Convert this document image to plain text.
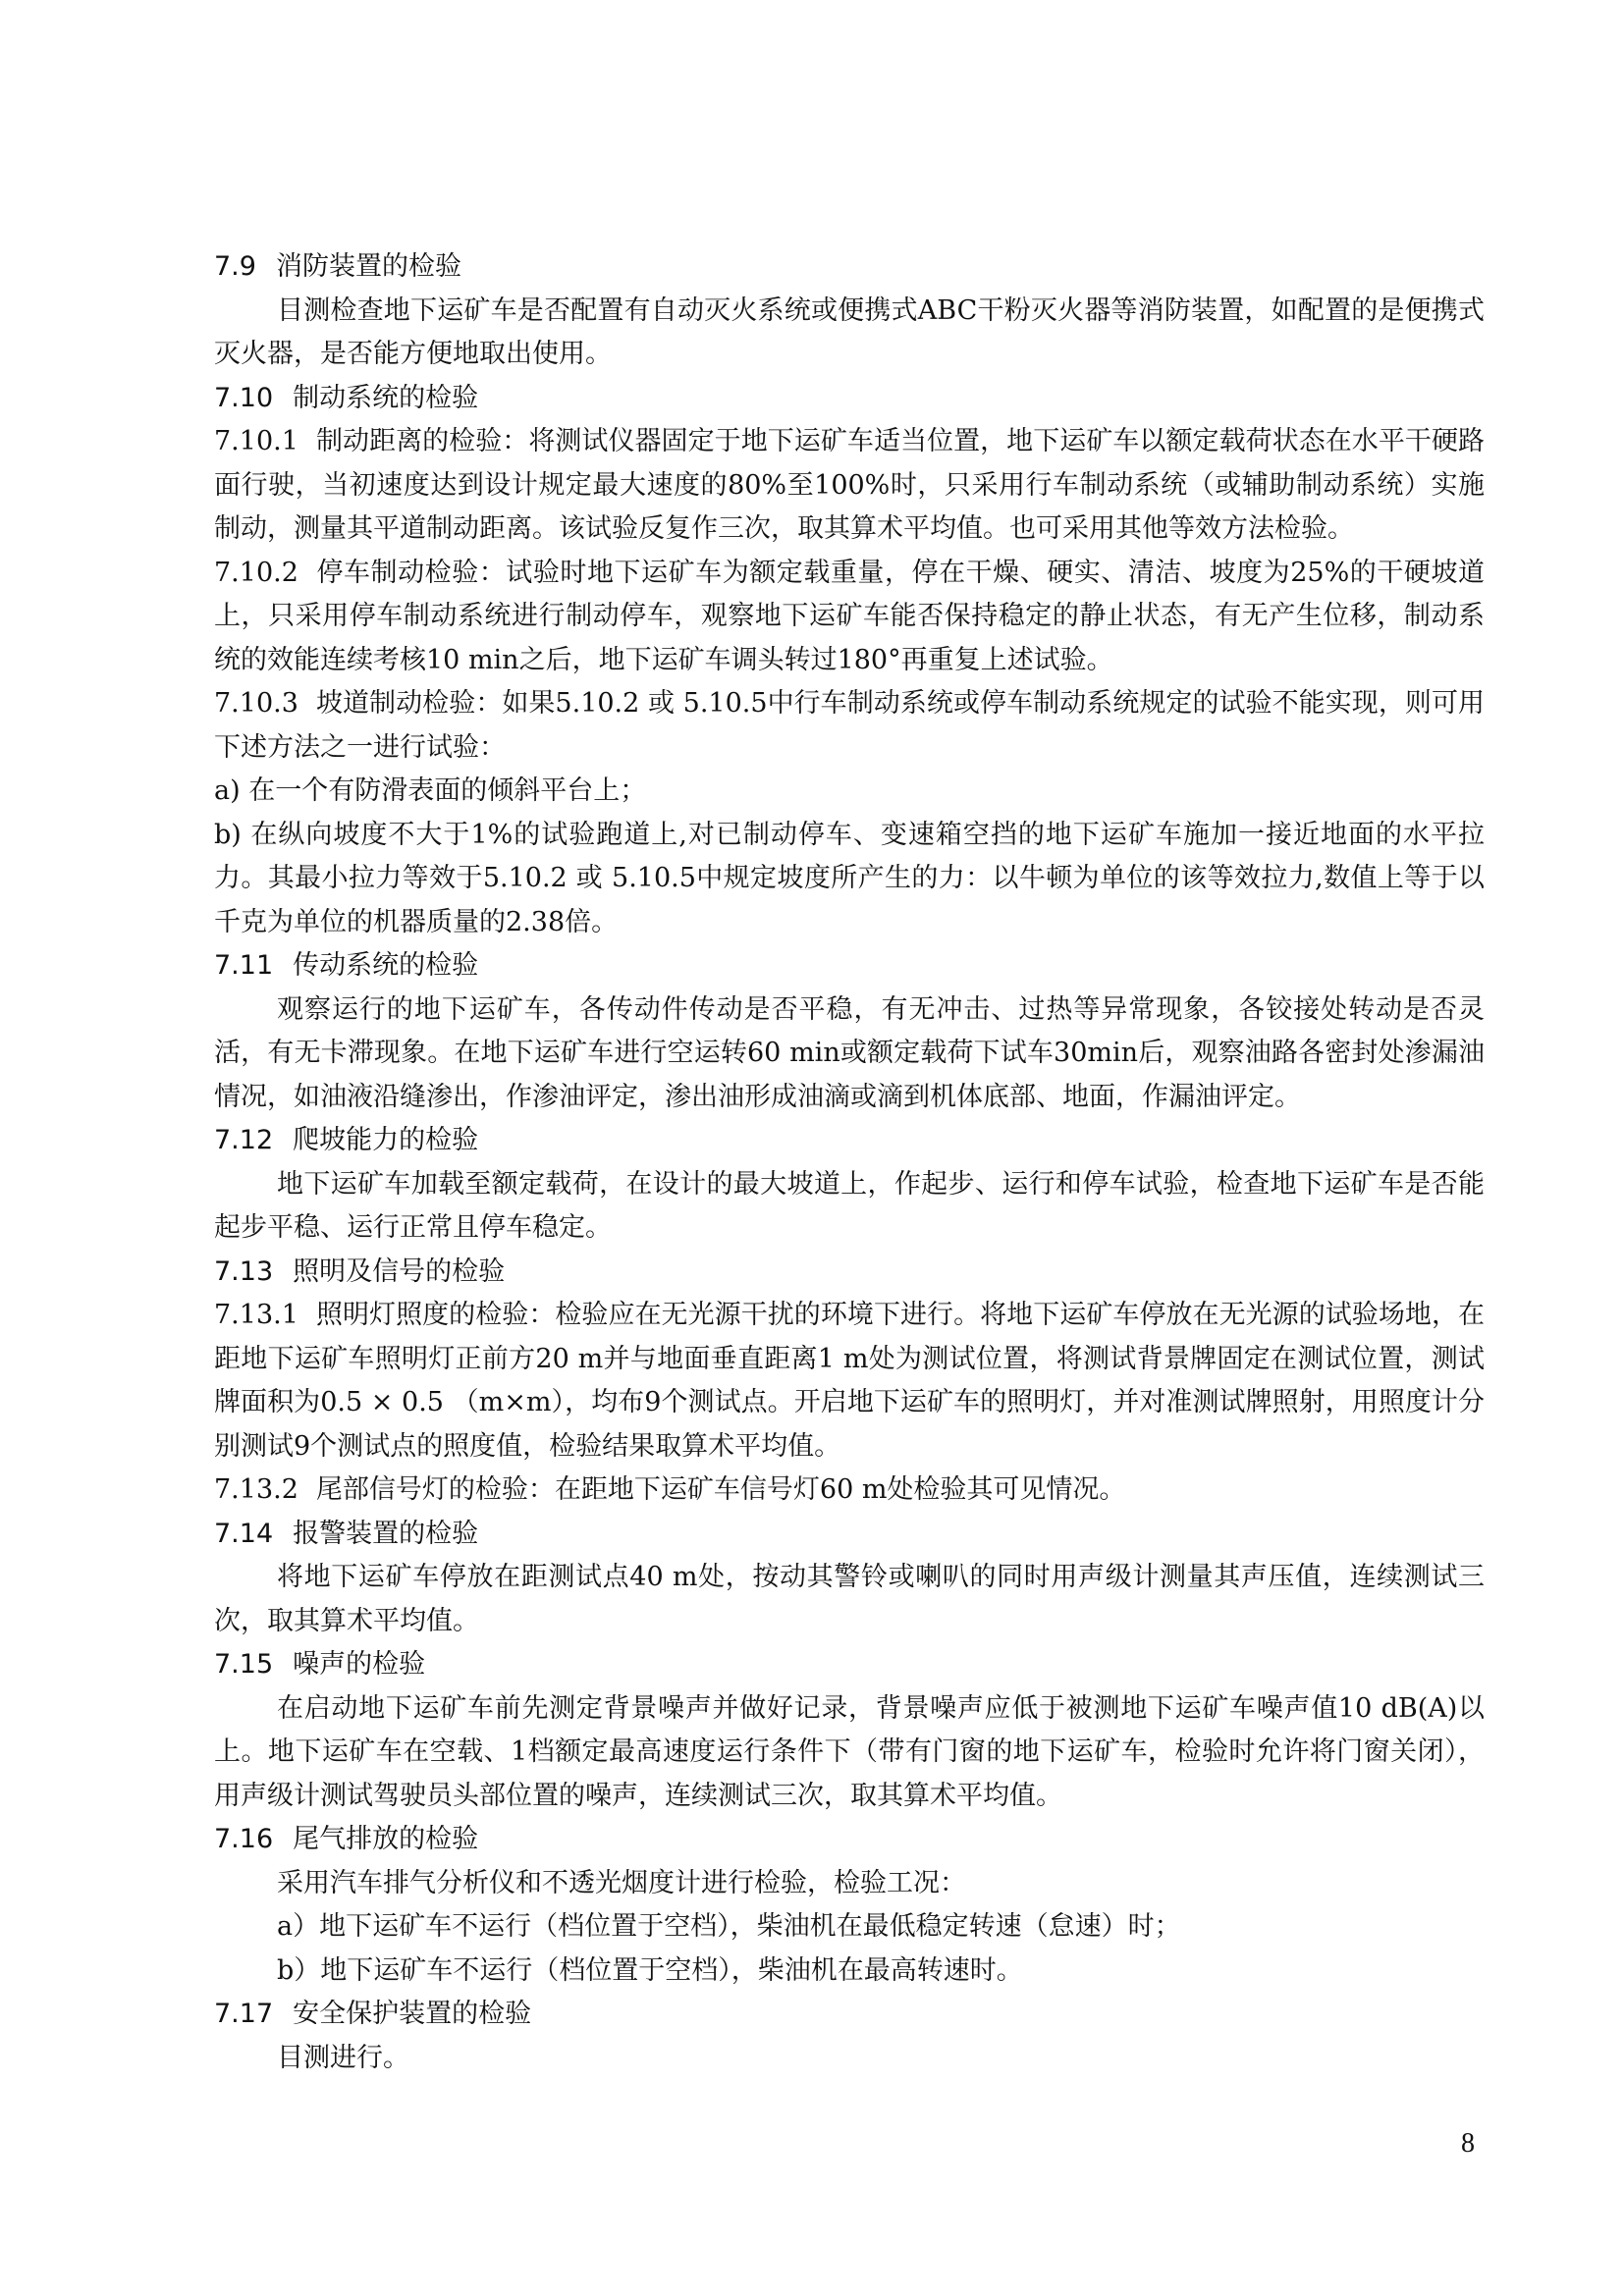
7.9 消防装置的检验

目测检查地下运矿车是否配置有自动灭火系统或便携式ABC干粉灭火器等消防装置，如配置的是便携式灭火器，是否能方便地取出使用。

7.10 制动系统的检验

7.10.1 制动距离的检验：将测试仪器固定于地下运矿车适当位置，地下运矿车以额定载荷状态在水平干硬路面行驶，当初速度达到设计规定最大速度的80%至100%时，只采用行车制动系统（或辅助制动系统）实施制动，测量其平道制动距离。该试验反复作三次，取其算术平均值。也可采用其他等效方法检验。

7.10.2 停车制动检验：试验时地下运矿车为额定载重量，停在干燥、硬实、清洁、坡度为25%的干硬坡道上，只采用停车制动系统进行制动停车，观察地下运矿车能否保持稳定的静止状态，有无产生位移，制动系统的效能连续考核10 min之后，地下运矿车调头转过180°再重复上述试验。

7.10.3 坡道制动检验：如果5.10.2 或 5.10.5中行车制动系统或停车制动系统规定的试验不能实现，则可用下述方法之一进行试验：

a) 在一个有防滑表面的倾斜平台上；

b) 在纵向坡度不大于1%的试验跑道上,对已制动停车、变速箱空挡的地下运矿车施加一接近地面的水平拉力。其最小拉力等效于5.10.2 或 5.10.5中规定坡度所产生的力：以牛顿为单位的该等效拉力,数值上等于以千克为单位的机器质量的2.38倍。

7.11 传动系统的检验

观察运行的地下运矿车，各传动件传动是否平稳，有无冲击、过热等异常现象，各铰接处转动是否灵活，有无卡滞现象。在地下运矿车进行空运转60 min或额定载荷下试车30min后，观察油路各密封处渗漏油情况，如油液沿缝渗出，作渗油评定，渗出油形成油滴或滴到机体底部、地面，作漏油评定。

7.12 爬坡能力的检验

地下运矿车加载至额定载荷，在设计的最大坡道上，作起步、运行和停车试验，检查地下运矿车是否能起步平稳、运行正常且停车稳定。

7.13 照明及信号的检验

7.13.1 照明灯照度的检验：检验应在无光源干扰的环境下进行。将地下运矿车停放在无光源的试验场地，在距地下运矿车照明灯正前方20 m并与地面垂直距离1 m处为测试位置，将测试背景牌固定在测试位置，测试牌面积为0.5 × 0.5 （m×m），均布9个测试点。开启地下运矿车的照明灯，并对准测试牌照射，用照度计分别测试9个测试点的照度值，检验结果取算术平均值。

7.13.2 尾部信号灯的检验：在距地下运矿车信号灯60 m处检验其可见情况。

7.14 报警装置的检验

将地下运矿车停放在距测试点40 m处，按动其警铃或喇叭的同时用声级计测量其声压值，连续测试三次，取其算术平均值。

7.15 噪声的检验

在启动地下运矿车前先测定背景噪声并做好记录，背景噪声应低于被测地下运矿车噪声值10 dB(A)以上。地下运矿车在空载、1档额定最高速度运行条件下（带有门窗的地下运矿车，检验时允许将门窗关闭），用声级计测试驾驶员头部位置的噪声，连续测试三次，取其算术平均值。

7.16 尾气排放的检验

采用汽车排气分析仪和不透光烟度计进行检验，检验工况：

a）地下运矿车不运行（档位置于空档），柴油机在最低稳定转速（怠速）时；

b）地下运矿车不运行（档位置于空档），柴油机在最高转速时。

7.17 安全保护装置的检验

目测进行。

8
